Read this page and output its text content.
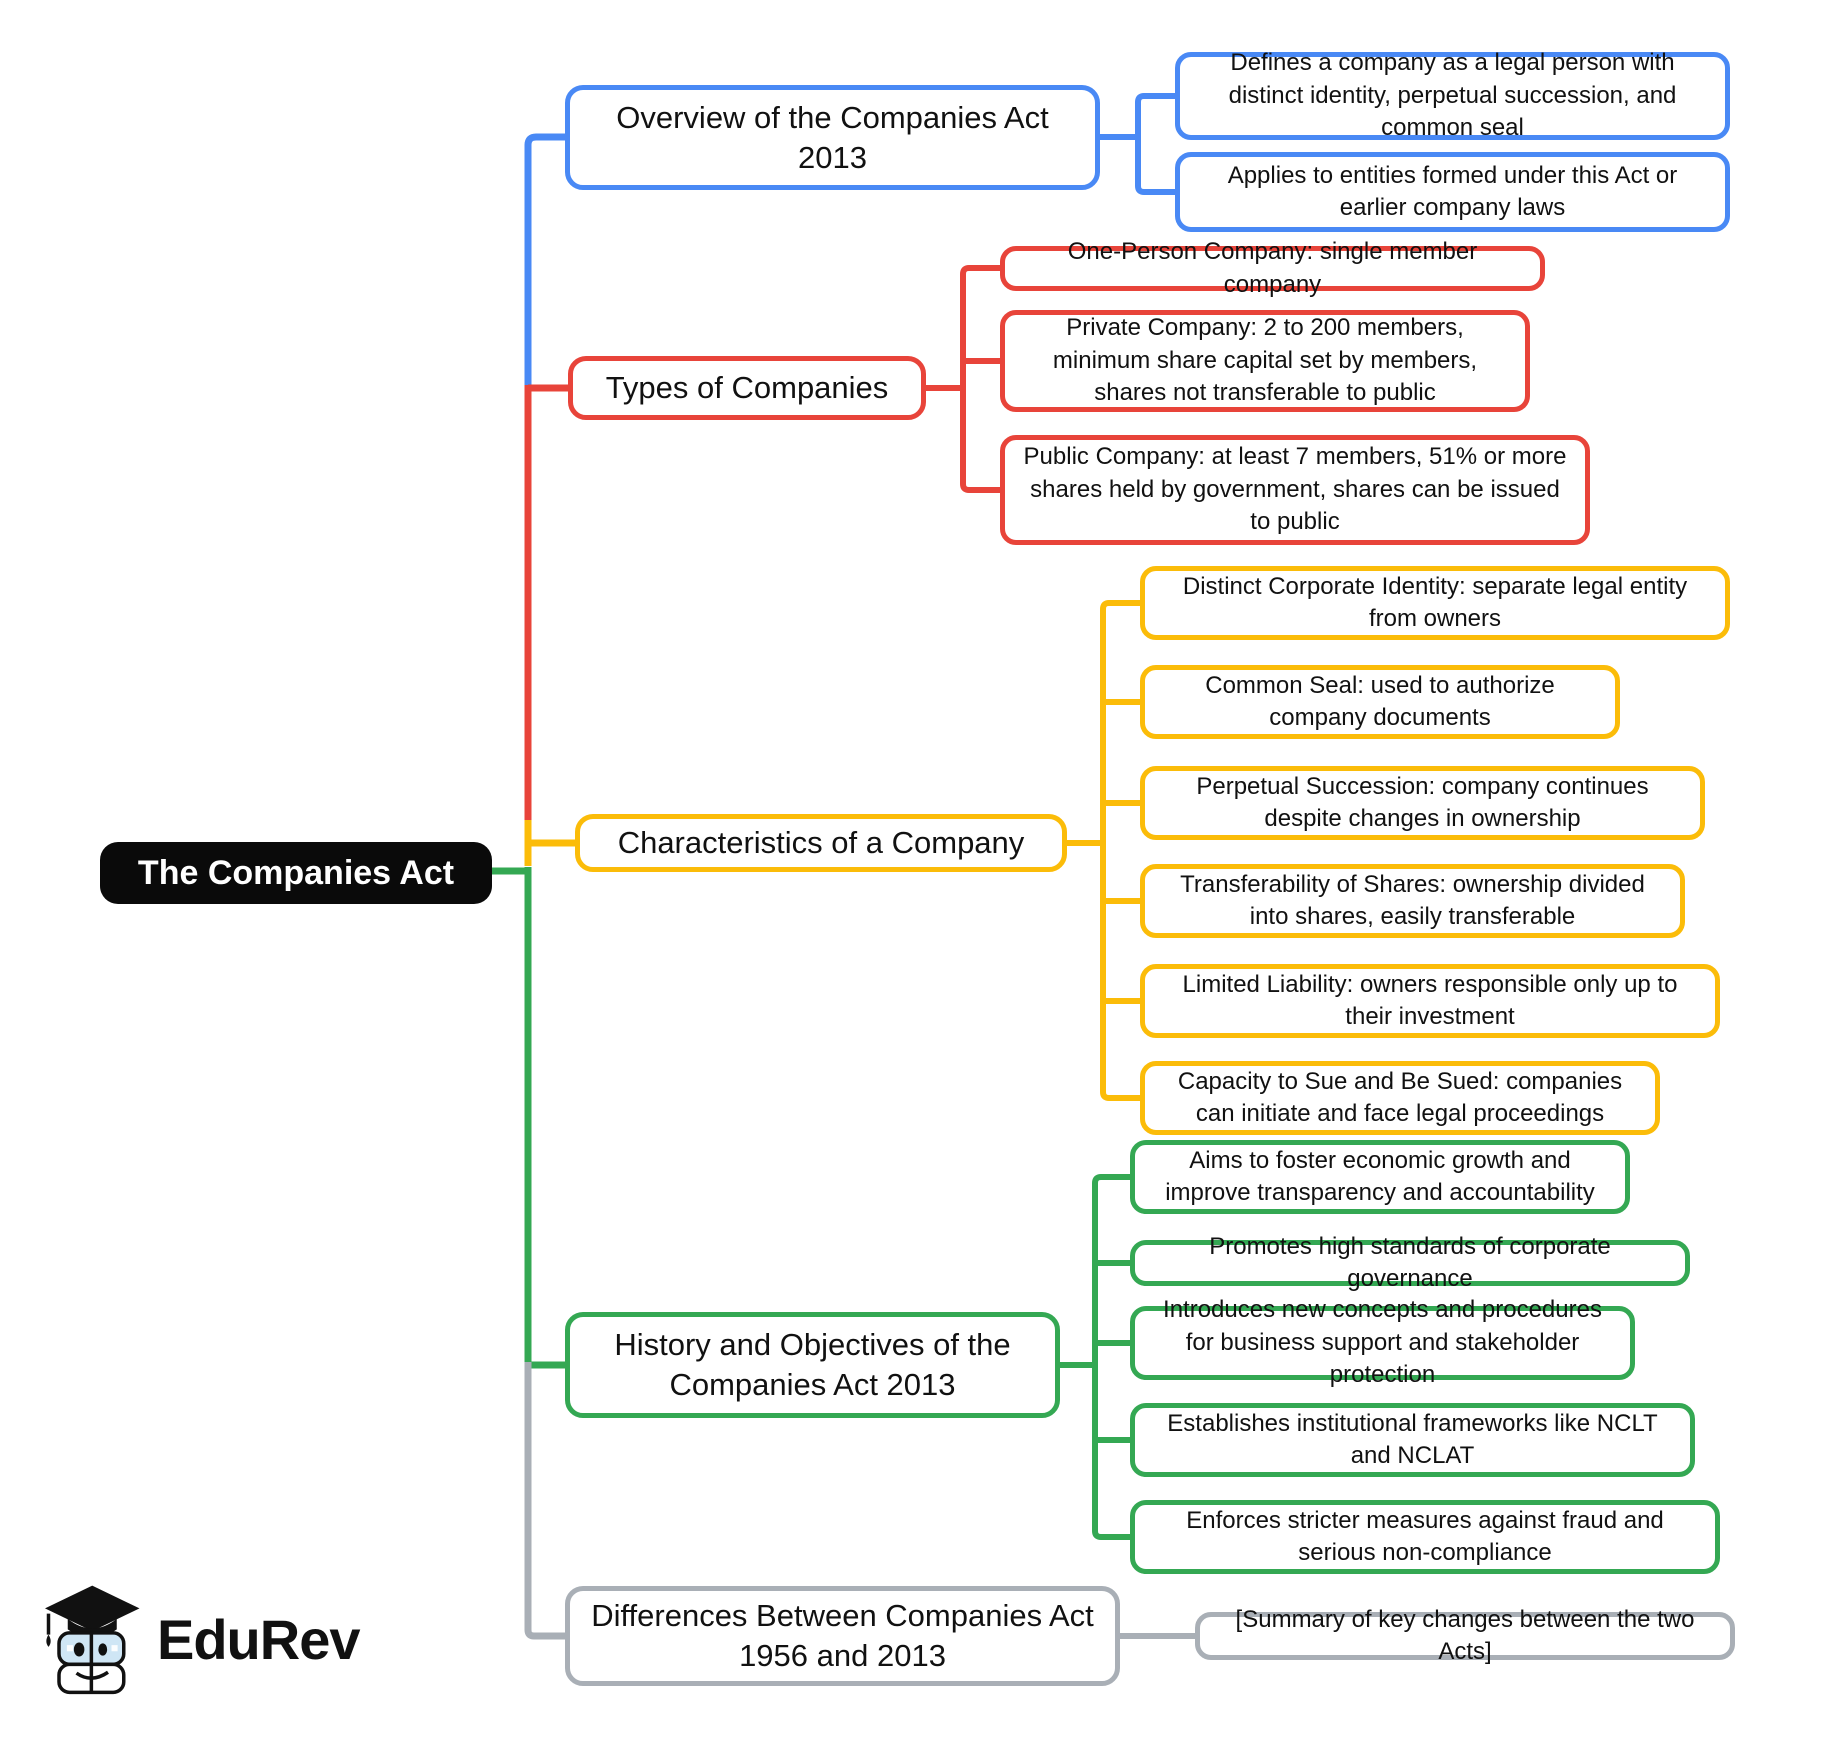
The Companies Act
Overview of the Companies Act 2013
Types of Companies
Characteristics of a Company
History and Objectives of the Companies Act 2013
Differences Between Companies Act 1956 and 2013
Defines a company as a legal person with distinct identity, perpetual succession, and common seal
Applies to entities formed under this Act or earlier company laws
One-Person Company: single member company
Private Company: 2 to 200 members, minimum share capital set by members, shares not transferable to public
Public Company: at least 7 members, 51% or more shares held by government, shares can be issued to public
Distinct Corporate Identity: separate legal entity from owners
Common Seal: used to authorize company documents
Perpetual Succession: company continues despite changes in ownership
Transferability of Shares: ownership divided into shares, easily transferable
Limited Liability: owners responsible only up to their investment
Capacity to Sue and Be Sued: companies can initiate and face legal proceedings
Aims to foster economic growth and improve transparency and accountability
Promotes high standards of corporate governance
Introduces new concepts and procedures for business support and stakeholder protection
Establishes institutional frameworks like NCLT and NCLAT
Enforces stricter measures against fraud and serious non-compliance
[Summary of key changes between the two Acts]
EduRev
